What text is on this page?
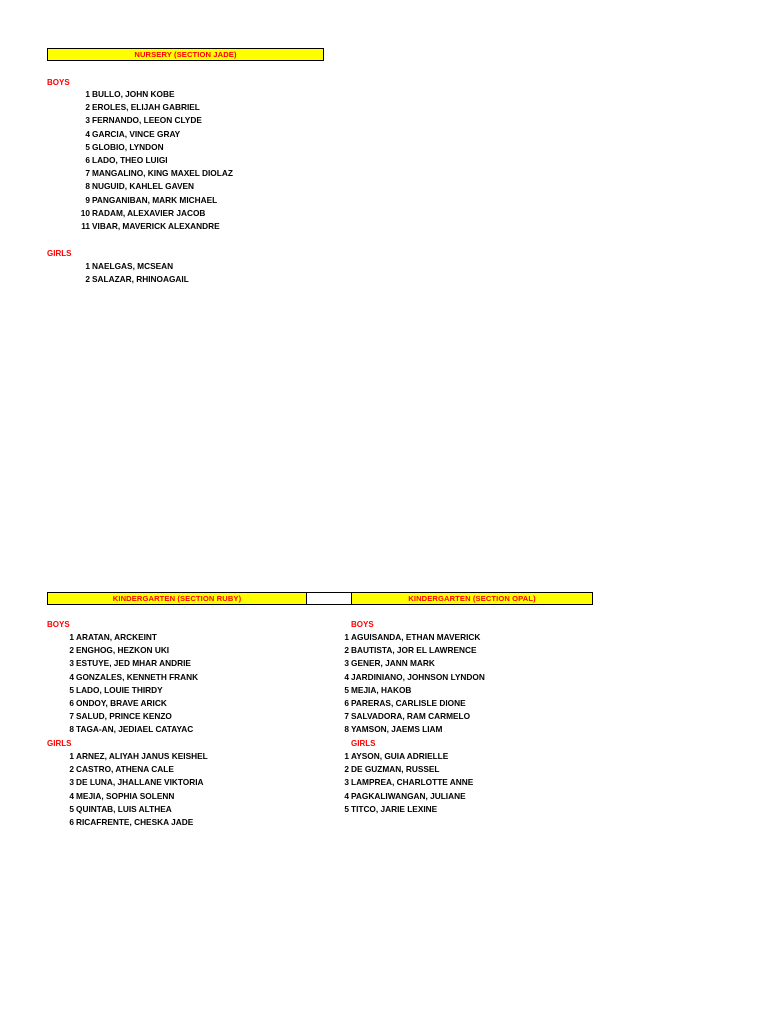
NURSERY (SECTION JADE)
BOYS
1 BULLO, JOHN KOBE
2 EROLES, ELIJAH GABRIEL
3 FERNANDO, LEEON CLYDE
4 GARCIA, VINCE GRAY
5 GLOBIO, LYNDON
6 LADO, THEO LUIGI
7 MANGALINO, KING MAXEL DIOLAZ
8 NUGUID, KAHLEL GAVEN
9 PANGANIBAN, MARK MICHAEL
10 RADAM, ALEXAVIER JACOB
11 VIBAR, MAVERICK ALEXANDRE
GIRLS
1 NAELGAS, MCSEAN
2 SALAZAR, RHINOAGAIL
KINDERGARTEN (SECTION RUBY)	KINDERGARTEN (SECTION OPAL)
BOYS
1 ARATAN, ARCKEINT
2 ENGHOG, HEZKON UKI
3 ESTUYE, JED MHAR ANDRIE
4 GONZALES, KENNETH FRANK
5 LADO, LOUIE THIRDY
6 ONDOY, BRAVE ARICK
7 SALUD, PRINCE KENZO
8 TAGA-AN, JEDIAEL CATAYAC
GIRLS
1 ARNEZ, ALIYAH JANUS KEISHEL
2 CASTRO, ATHENA CALE
3 DE LUNA, JHALLANE VIKTORIA
4 MEJIA, SOPHIA SOLENN
5 QUINTAB, LUIS ALTHEA
6 RICAFRENTE, CHESKA JADE
BOYS
1 AGUISANDA, ETHAN MAVERICK
2 BAUTISTA, JOR EL LAWRENCE
3 GENER, JANN MARK
4 JARDINIANO, JOHNSON LYNDON
5 MEJIA, HAKOB
6 PARERAS, CARLISLE DIONE
7 SALVADORA, RAM CARMELO
8 YAMSON, JAEMS LIAM
GIRLS
1 AYSON, GUIA ADRIELLE
2 DE GUZMAN, RUSSEL
3 LAMPREA, CHARLOTTE ANNE
4 PAGKALIWANGAN, JULIANE
5 TITCO, JARIE LEXINE
